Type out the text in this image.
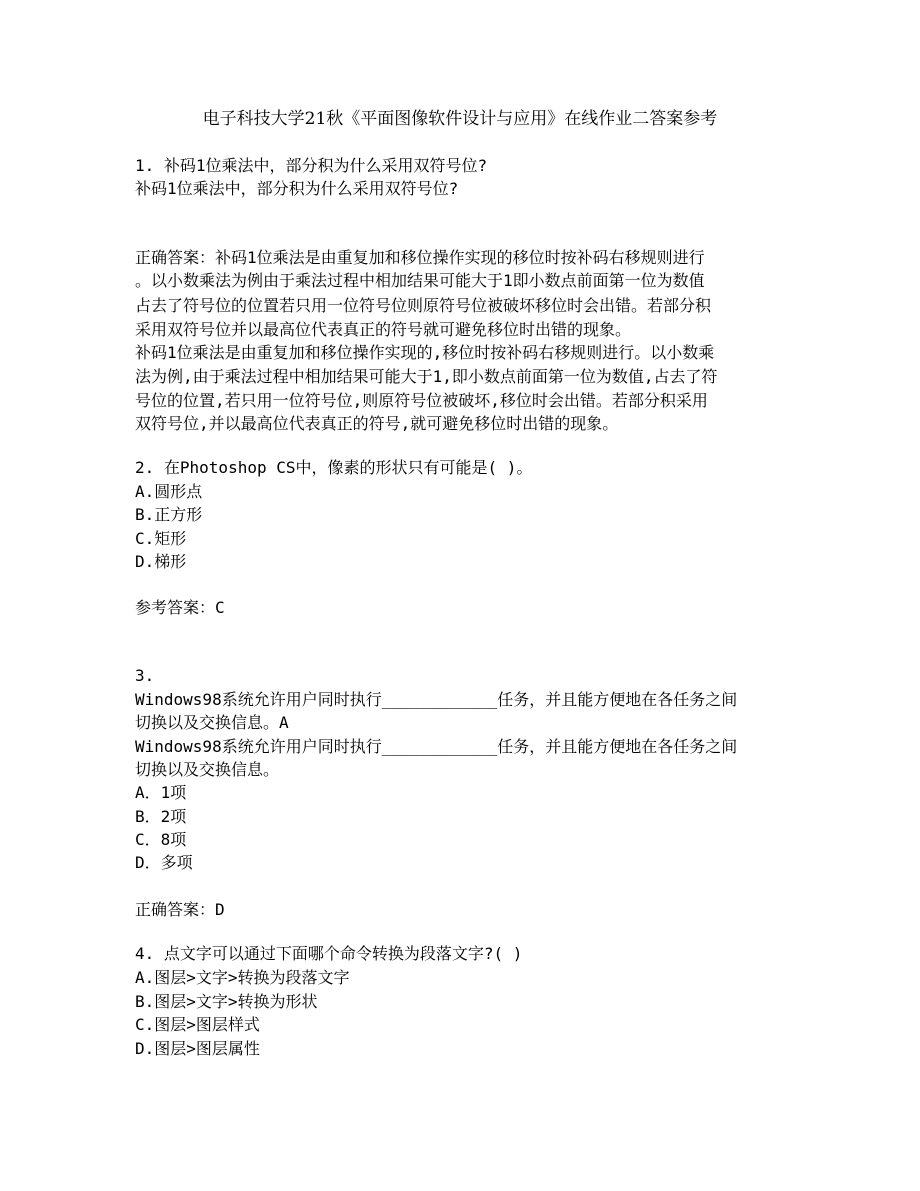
电子科技大学21秋《平面图像软件设计与应用》在线作业二答案参考
1. 补码1位乘法中，部分积为什么采用双符号位?
补码1位乘法中，部分积为什么采用双符号位?
正确答案：补码1位乘法是由重复加和移位操作实现的移位时按补码右移规则进行
。以小数乘法为例由于乘法过程中相加结果可能大于1即小数点前面第一位为数值
占去了符号位的位置若只用一位符号位则原符号位被破坏移位时会出错。若部分积
采用双符号位并以最高位代表真正的符号就可避免移位时出错的现象。
补码1位乘法是由重复加和移位操作实现的,移位时按补码右移规则进行。以小数乘
法为例,由于乘法过程中相加结果可能大于1,即小数点前面第一位为数值,占去了符
号位的位置,若只用一位符号位,则原符号位被破坏,移位时会出错。若部分积采用
双符号位,并以最高位代表真正的符号,就可避免移位时出错的现象。
2. 在Photoshop CS中，像素的形状只有可能是( )。
A.圆形点
B.正方形
C.矩形
D.梯形
参考答案：C
3.
Windows98系统允许用户同时执行____________任务，并且能方便地在各任务之间
切换以及交换信息。A
Windows98系统允许用户同时执行____________任务，并且能方便地在各任务之间
切换以及交换信息。
A．1项
B．2项
C．8项
D．多项
正确答案：D
4. 点文字可以通过下面哪个命令转换为段落文字?( )
A.图层>文字>转换为段落文字
B.图层>文字>转换为形状
C.图层>图层样式
D.图层>图层属性
